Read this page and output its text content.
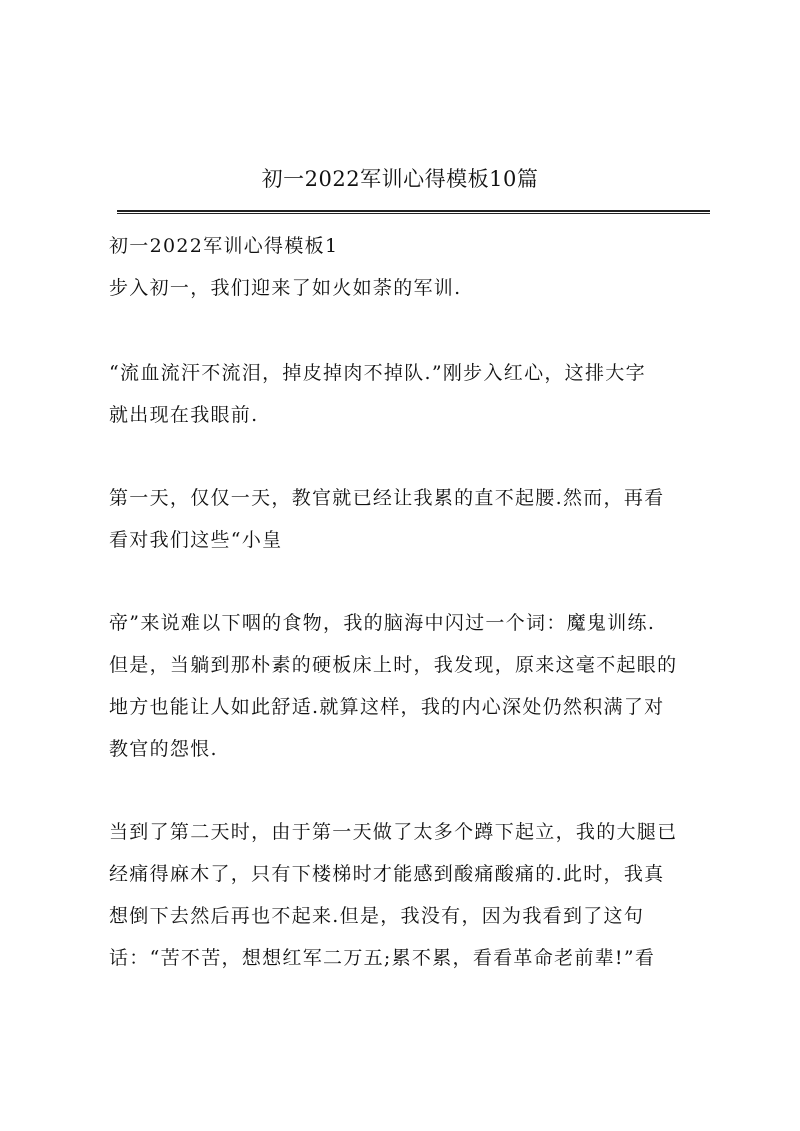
初一2022军训心得模板10篇
初一2022军训心得模板1
步入初一，我们迎来了如火如荼的军训.
“流血流汗不流泪，掉皮掉肉不掉队.”刚步入红心，这排大字
就出现在我眼前.
第一天，仅仅一天，教官就已经让我累的直不起腰.然而，再看
看对我们这些“小皇
帝”来说难以下咽的食物，我的脑海中闪过一个词：魔鬼训练.
但是，当躺到那朴素的硬板床上时，我发现，原来这毫不起眼的
地方也能让人如此舒适.就算这样，我的内心深处仍然积满了对
教官的怨恨.
当到了第二天时，由于第一天做了太多个蹲下起立，我的大腿已
经痛得麻木了，只有下楼梯时才能感到酸痛酸痛的.此时，我真
想倒下去然后再也不起来.但是，我没有，因为我看到了这句
话：“苦不苦，想想红军二万五;累不累，看看革命老前辈!”看
